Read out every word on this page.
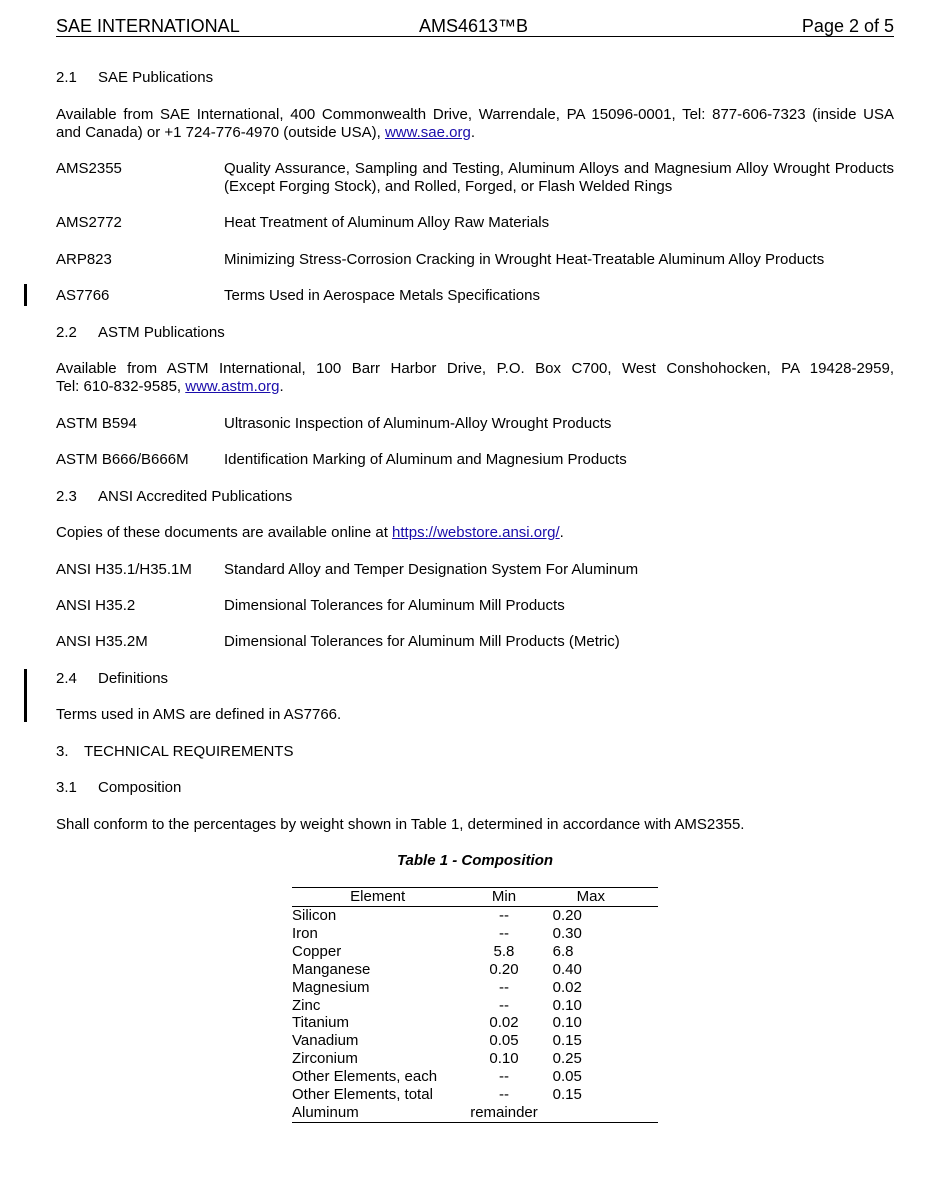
SAE INTERNATIONAL	AMS4613™B	Page 2 of 5
2.1 SAE Publications
Available from SAE International, 400 Commonwealth Drive, Warrendale, PA 15096-0001, Tel: 877-606-7323 (inside USA
and Canada) or +1 724-776-4970 (outside USA), www.sae.org.
AMS2355	Quality Assurance, Sampling and Testing, Aluminum Alloys and Magnesium Alloy Wrought Products (Except Forging Stock), and Rolled, Forged, or Flash Welded Rings
AMS2772	Heat Treatment of Aluminum Alloy Raw Materials
ARP823	Minimizing Stress-Corrosion Cracking in Wrought Heat-Treatable Aluminum Alloy Products
AS7766	Terms Used in Aerospace Metals Specifications
2.2 ASTM Publications
Available from ASTM International, 100 Barr Harbor Drive, P.O. Box C700, West Conshohocken, PA 19428-2959,
Tel: 610-832-9585, www.astm.org.
ASTM B594	Ultrasonic Inspection of Aluminum-Alloy Wrought Products
ASTM B666/B666M Identification Marking of Aluminum and Magnesium Products
2.3 ANSI Accredited Publications
Copies of these documents are available online at https://webstore.ansi.org/.
ANSI H35.1/H35.1M Standard Alloy and Temper Designation System For Aluminum
ANSI H35.2	Dimensional Tolerances for Aluminum Mill Products
ANSI H35.2M	Dimensional Tolerances for Aluminum Mill Products (Metric)
2.4 Definitions
Terms used in AMS are defined in AS7766.
3. TECHNICAL REQUIREMENTS
3.1 Composition
Shall conform to the percentages by weight shown in Table 1, determined in accordance with AMS2355.
Table 1 - Composition
Element	Min	Max
Silicon	--	0.20
Iron	--	0.30
Copper	5.8	6.8
Manganese	0.20	0.40
Magnesium	--	0.02
Zinc	--	0.10
Titanium	0.02	0.10
Vanadium	0.05	0.15
Zirconium	0.10	0.25
Other Elements, each	--	0.05
Other Elements, total	--	0.15
Aluminum	remainder	
